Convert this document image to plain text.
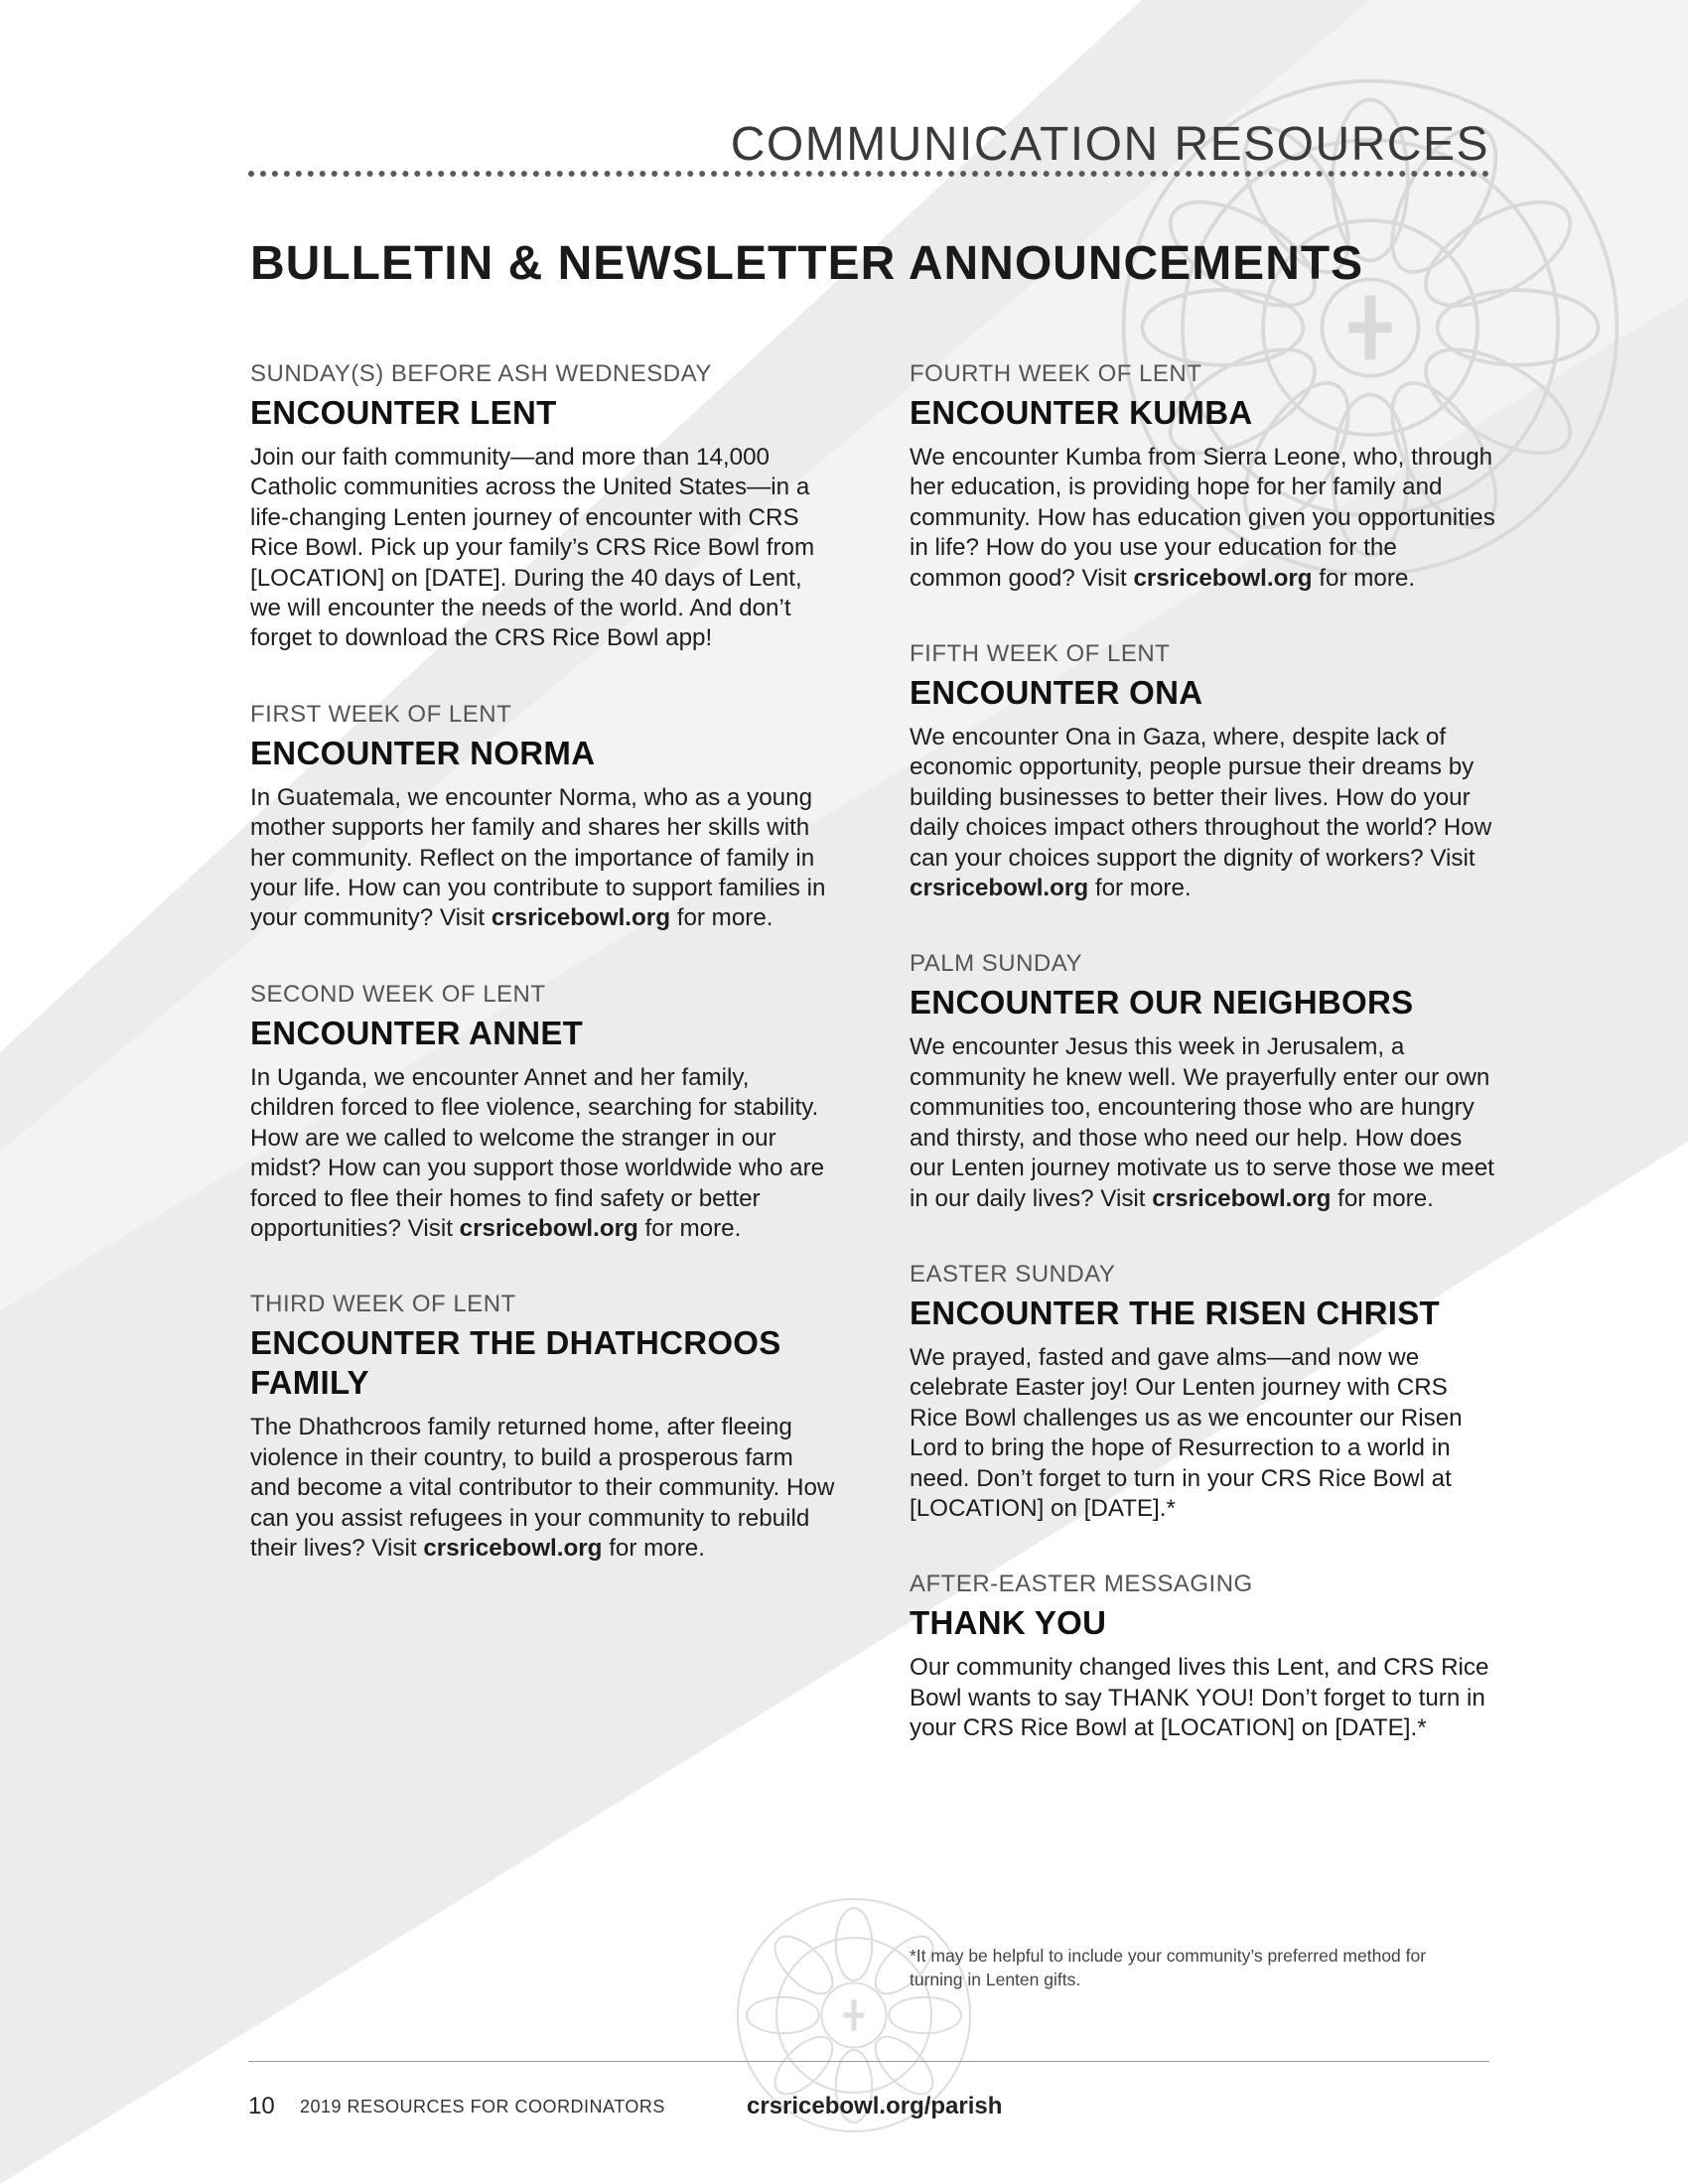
COMMUNICATION RESOURCES
BULLETIN & NEWSLETTER ANNOUNCEMENTS
SUNDAY(S) BEFORE ASH WEDNESDAY
ENCOUNTER LENT

Join our faith community—and more than 14,000 Catholic communities across the United States—in a life-changing Lenten journey of encounter with CRS Rice Bowl. Pick up your family’s CRS Rice Bowl from [LOCATION] on [DATE]. During the 40 days of Lent, we will encounter the needs of the world. And don’t forget to download the CRS Rice Bowl app!

FIRST WEEK OF LENT
ENCOUNTER NORMA

In Guatemala, we encounter Norma, who as a young mother supports her family and shares her skills with her community. Reflect on the importance of family in your life. How can you contribute to support families in your community? Visit crsricebowl.org for more.

SECOND WEEK OF LENT
ENCOUNTER ANNET

In Uganda, we encounter Annet and her family, children forced to flee violence, searching for stability. How are we called to welcome the stranger in our midst? How can you support those worldwide who are forced to flee their homes to find safety or better opportunities? Visit crsricebowl.org for more.

THIRD WEEK OF LENT
ENCOUNTER THE DHATHCROOS FAMILY

The Dhathcroos family returned home, after fleeing violence in their country, to build a prosperous farm and become a vital contributor to their community. How can you assist refugees in your community to rebuild their lives? Visit crsricebowl.org for more.

FOURTH WEEK OF LENT
ENCOUNTER KUMBA

We encounter Kumba from Sierra Leone, who, through her education, is providing hope for her family and community. How has education given you opportunities in life? How do you use your education for the common good? Visit crsricebowl.org for more.

FIFTH WEEK OF LENT
ENCOUNTER ONA

We encounter Ona in Gaza, where, despite lack of economic opportunity, people pursue their dreams by building businesses to better their lives. How do your daily choices impact others throughout the world? How can your choices support the dignity of workers? Visit crsricebowl.org for more.

PALM SUNDAY
ENCOUNTER OUR NEIGHBORS

We encounter Jesus this week in Jerusalem, a community he knew well. We prayerfully enter our own communities too, encountering those who are hungry and thirsty, and those who need our help. How does our Lenten journey motivate us to serve those we meet in our daily lives? Visit crsricebowl.org for more.

EASTER SUNDAY
ENCOUNTER THE RISEN CHRIST

We prayed, fasted and gave alms—and now we celebrate Easter joy! Our Lenten journey with CRS Rice Bowl challenges us as we encounter our Risen Lord to bring the hope of Resurrection to a world in need. Don’t forget to turn in your CRS Rice Bowl at [LOCATION] on [DATE].*

AFTER-EASTER MESSAGING
THANK YOU

Our community changed lives this Lent, and CRS Rice Bowl wants to say THANK YOU! Don’t forget to turn in your CRS Rice Bowl at [LOCATION] on [DATE].*

*It may be helpful to include your community’s preferred method for turning in Lenten gifts.

10 2019 RESOURCES FOR COORDINATORS	crsricebowl.org/parish
